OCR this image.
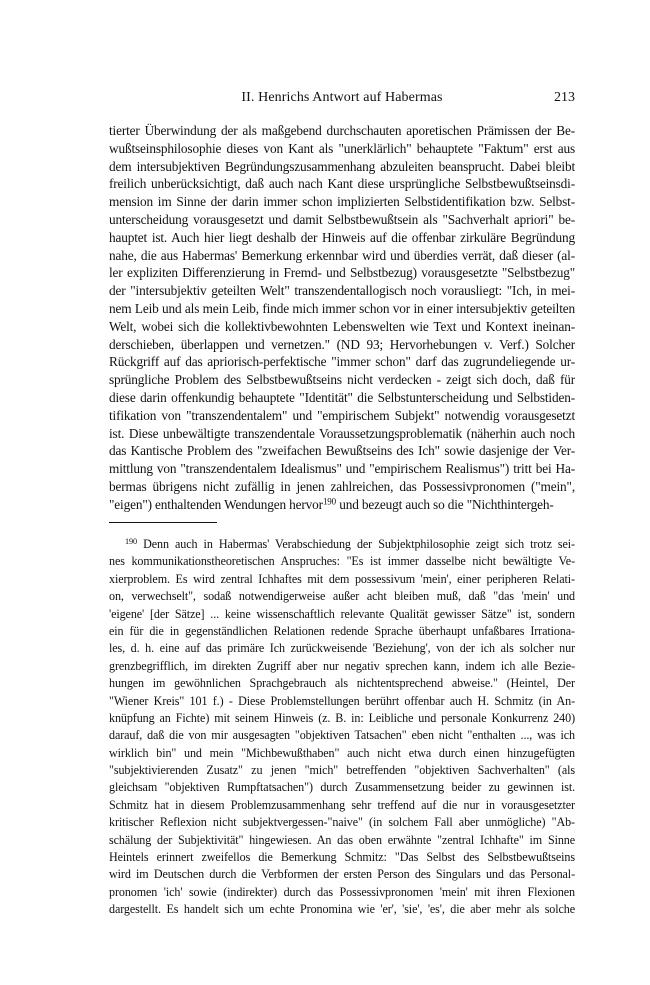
II. Henrichs Antwort auf Habermas	213
tierter Überwindung der als maßgebend durchschauten aporetischen Prämissen der Be-
wußtseinsphilosophie dieses von Kant als "unerklärlich" behauptete "Faktum" erst aus
dem intersubjektiven Begründungszusammenhang abzuleiten beansprucht. Dabei bleibt
freilich unberücksichtigt, daß auch nach Kant diese ursprüngliche Selbstbewußtseinsdi-
mension im Sinne der darin immer schon implizierten Selbstidentifikation bzw. Selbst-
unterscheidung vorausgesetzt und damit Selbstbewußtsein als "Sachverhalt apriori" be-
hauptet ist. Auch hier liegt deshalb der Hinweis auf die offenbar zirkuläre Begründung
nahe, die aus Habermas' Bemerkung erkennbar wird und überdies verrät, daß dieser (al-
ler expliziten Differenzierung in Fremd- und Selbstbezug) vorausgesetzte "Selbstbezug"
der "intersubjektiv geteilten Welt" transzendentallogisch noch vorausliegt: "Ich, in mei-
nem Leib und als mein Leib, finde mich immer schon vor in einer intersubjektiv geteilten
Welt, wobei sich die kollektivbewohnten Lebenswelten wie Text und Kontext ineinan-
derschieben, überlappen und vernetzen." (ND 93; Hervorhebungen v. Verf.) Solcher
Rückgriff auf das apriorisch-perfektische "immer schon" darf das zugrundeliegende ur-
sprüngliche Problem des Selbstbewußtseins nicht verdecken - zeigt sich doch, daß für
diese darin offenkundig behauptete "Identität" die Selbstunterscheidung und Selbstiden-
tifikation von "transzendentalem" und "empirischem Subjekt" notwendig vorausgesetzt
ist. Diese unbewältigte transzendentale Voraussetzungsproblematik (näherhin auch noch
das Kantische Problem des "zweifachen Bewußtseins des Ich" sowie dasjenige der Ver-
mittlung von "transzendentalem Idealismus" und "empirischem Realismus") tritt bei Ha-
bermas übrigens nicht zufällig in jenen zahlreichen, das Possessivpronomen ("mein",
"eigen") enthaltenden Wendungen hervor$^{190}$ und bezeugt auch so die "Nichthintergeh-
$^{190}$ Denn auch in Habermas' Verabschiedung der Subjektphilosophie zeigt sich trotz sei-
nes kommunikationstheoretischen Anspruches: "Es ist immer dasselbe nicht bewältigte Ve-
xierproblem. Es wird zentral Ichhaftes mit dem possessivum 'mein', einer peripheren Relati-
on, verwechselt", sodaß notwendigerweise außer acht bleiben muß, daß "das 'mein' und
'eigene' [der Sätze] ... keine wissenschaftlich relevante Qualität gewisser Sätze" ist, sondern
ein für die in gegenständlichen Relationen redende Sprache überhaupt unfaßbares Irrationa-
les, d. h. eine auf das primäre Ich zurückweisende 'Beziehung', von der ich als solcher nur
grenzbegrifflich, im direkten Zugriff aber nur negativ sprechen kann, indem ich alle Bezie-
hungen im gewöhnlichen Sprachgebrauch als nichtentsprechend abweise." (Heintel, Der
"Wiener Kreis" 101 f.) - Diese Problemstellungen berührt offenbar auch H. Schmitz (in An-
knüpfung an Fichte) mit seinem Hinweis (z. B. in: Leibliche und personale Konkurrenz 240)
darauf, daß die von mir ausgesagten "objektiven Tatsachen" eben nicht "enthalten ..., was ich
wirklich bin" und mein "Michbewußthaben" auch nicht etwa durch einen hinzugefügten
"subjektivierenden Zusatz" zu jenen "mich" betreffenden "objektiven Sachverhalten" (als
gleichsam "objektiven Rumpftatsachen") durch Zusammensetzung beider zu gewinnen ist.
Schmitz hat in diesem Problemzusammenhang sehr treffend auf die nur in vorausgesetzter
kritischer Reflexion nicht subjektvergessen-"naive" (in solchem Fall aber unmögliche) "Ab-
schälung der Subjektivität" hingewiesen. An das oben erwähnte "zentral Ichhafte" im Sinne
Heintels erinnert zweifellos die Bemerkung Schmitz: "Das Selbst des Selbstbewußtseins
wird im Deutschen durch die Verbformen der ersten Person des Singulars und das Personal-
pronomen 'ich' sowie (indirekter) durch das Possessivpronomen 'mein' mit ihren Flexionen
dargestellt. Es handelt sich um echte Pronomina wie 'er', 'sie', 'es', die aber mehr als solche
